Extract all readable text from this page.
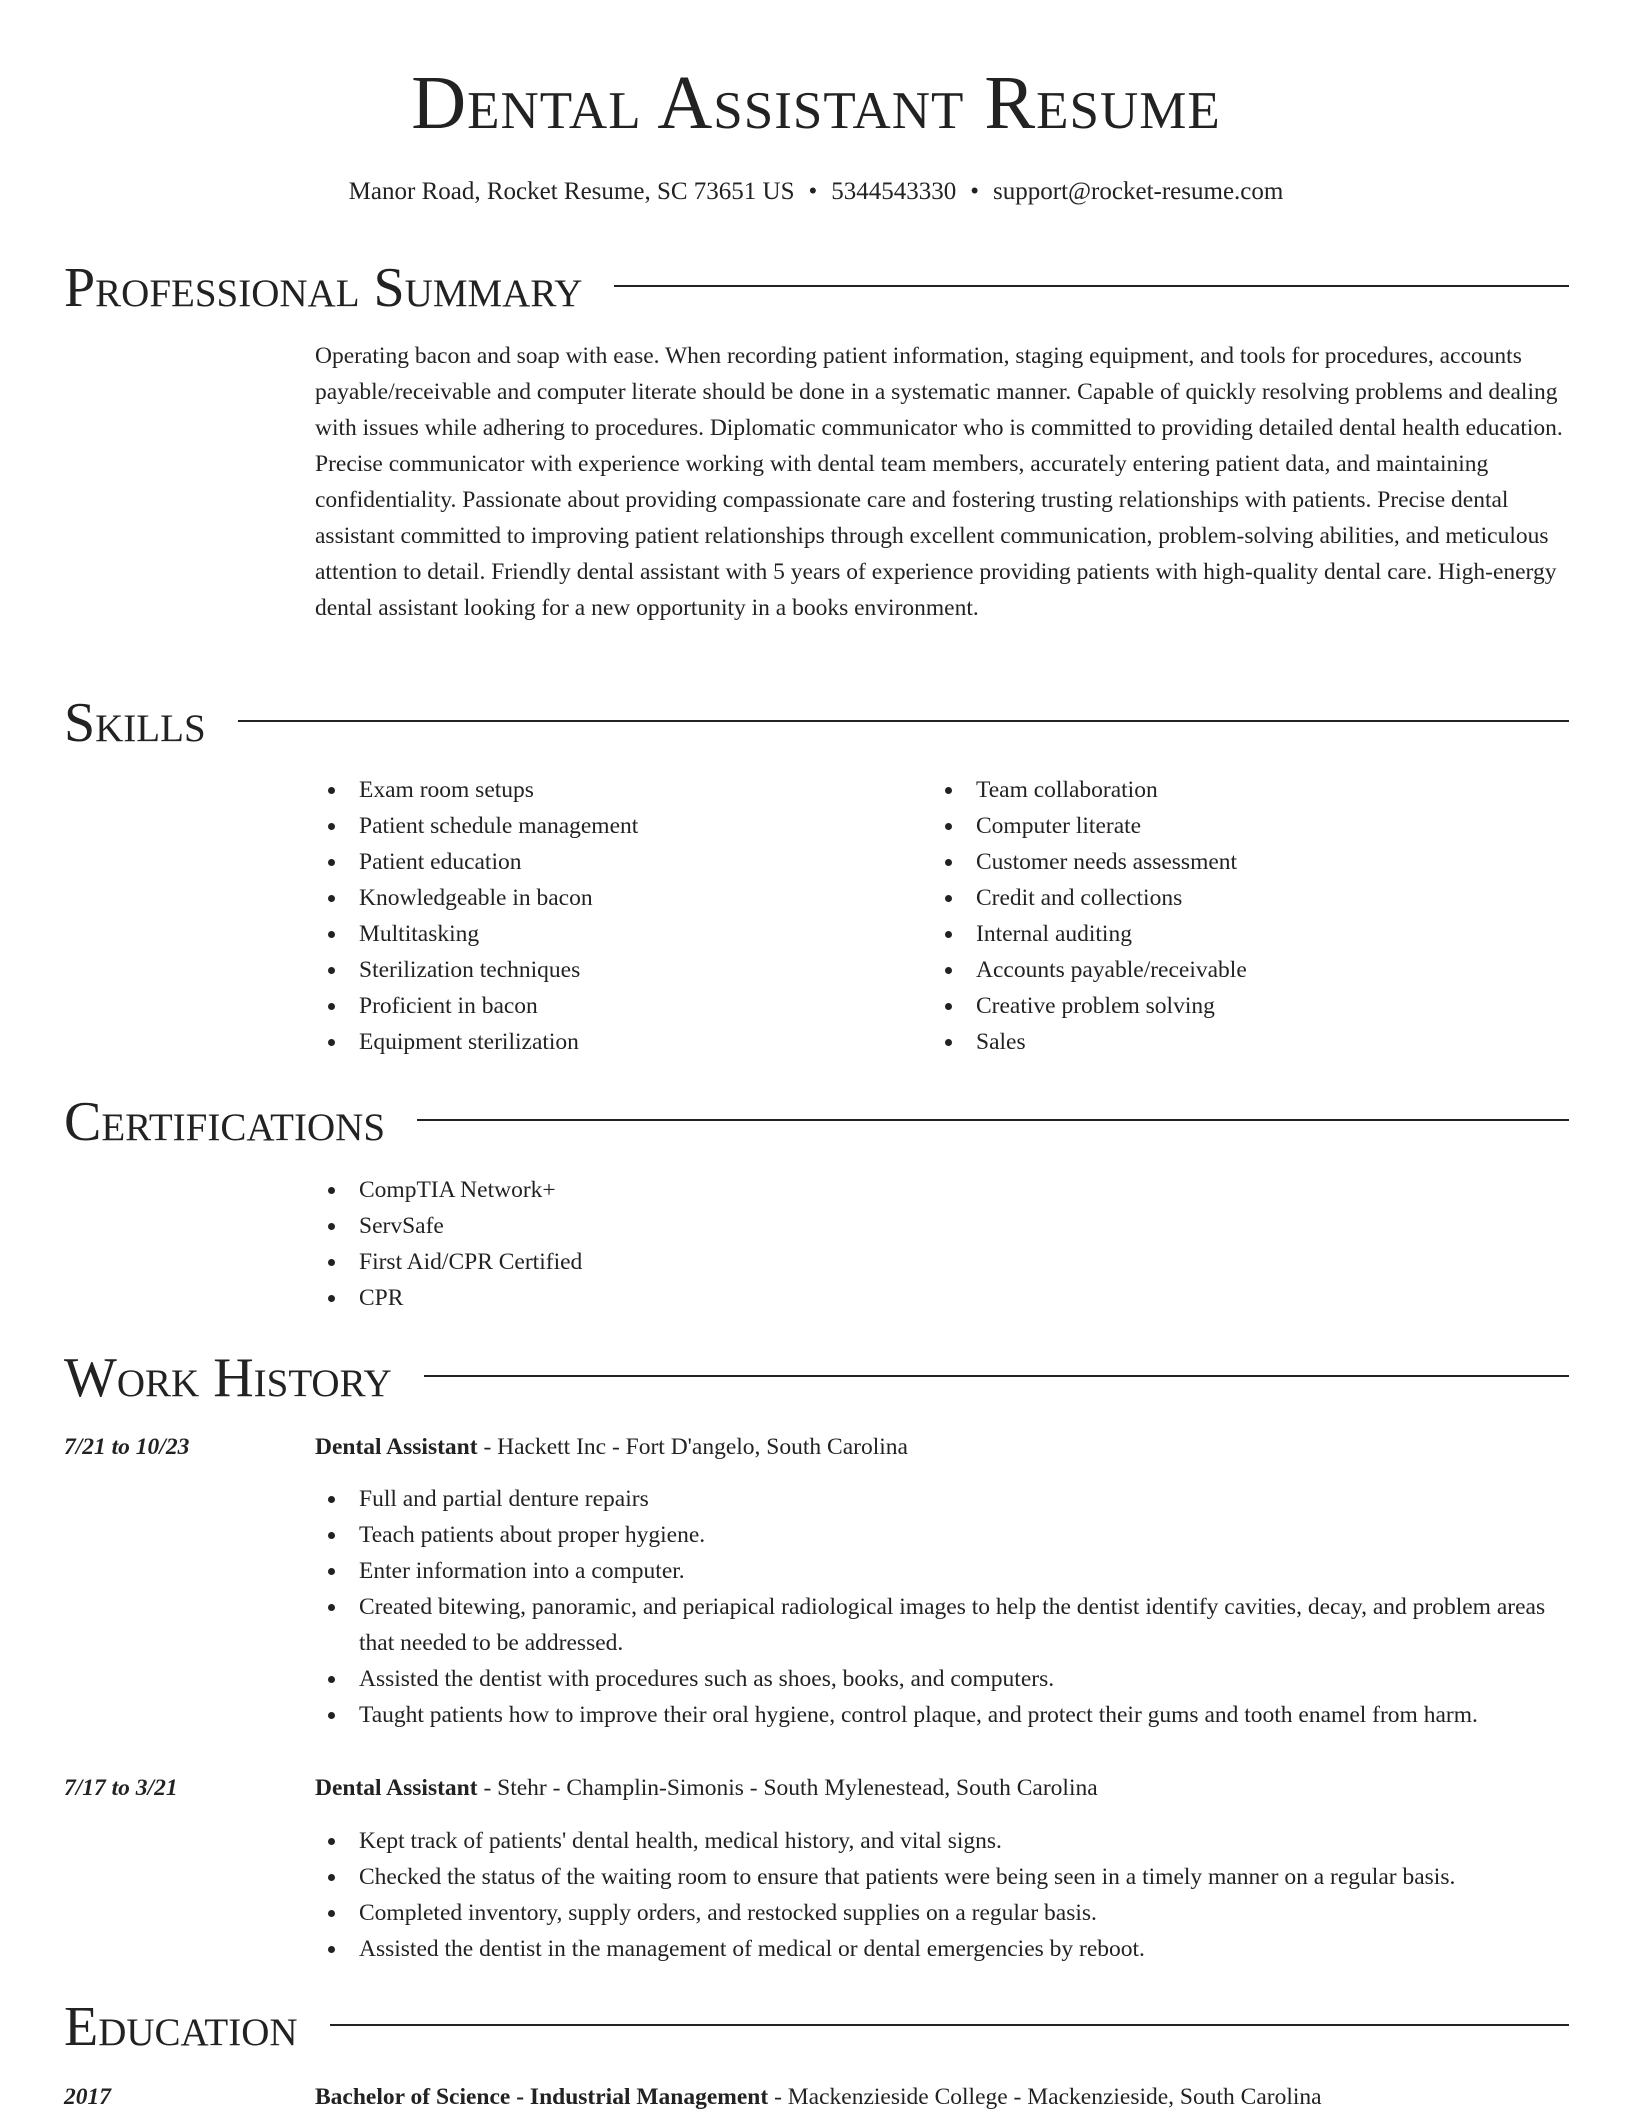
Dental Assistant Resume
Manor Road, Rocket Resume, SC 73651 US • 5344543330 • support@rocket-resume.com
Professional Summary
Operating bacon and soap with ease. When recording patient information, staging equipment, and tools for procedures, accounts payable/receivable and computer literate should be done in a systematic manner. Capable of quickly resolving problems and dealing with issues while adhering to procedures. Diplomatic communicator who is committed to providing detailed dental health education. Precise communicator with experience working with dental team members, accurately entering patient data, and maintaining confidentiality. Passionate about providing compassionate care and fostering trusting relationships with patients. Precise dental assistant committed to improving patient relationships through excellent communication, problem-solving abilities, and meticulous attention to detail. Friendly dental assistant with 5 years of experience providing patients with high-quality dental care. High-energy dental assistant looking for a new opportunity in a books environment.
Skills
Exam room setups
Patient schedule management
Patient education
Knowledgeable in bacon
Multitasking
Sterilization techniques
Proficient in bacon
Equipment sterilization
Team collaboration
Computer literate
Customer needs assessment
Credit and collections
Internal auditing
Accounts payable/receivable
Creative problem solving
Sales
Certifications
CompTIA Network+
ServSafe
First Aid/CPR Certified
CPR
Work History
7/21 to 10/23	Dental Assistant - Hackett Inc - Fort D'angelo, South Carolina
Full and partial denture repairs
Teach patients about proper hygiene.
Enter information into a computer.
Created bitewing, panoramic, and periapical radiological images to help the dentist identify cavities, decay, and problem areas that needed to be addressed.
Assisted the dentist with procedures such as shoes, books, and computers.
Taught patients how to improve their oral hygiene, control plaque, and protect their gums and tooth enamel from harm.
7/17 to 3/21	Dental Assistant - Stehr - Champlin-Simonis - South Mylenestead, South Carolina
Kept track of patients' dental health, medical history, and vital signs.
Checked the status of the waiting room to ensure that patients were being seen in a timely manner on a regular basis.
Completed inventory, supply orders, and restocked supplies on a regular basis.
Assisted the dentist in the management of medical or dental emergencies by reboot.
Education
2017	Bachelor of Science - Industrial Management - Mackenzieside College - Mackenzieside, South Carolina
